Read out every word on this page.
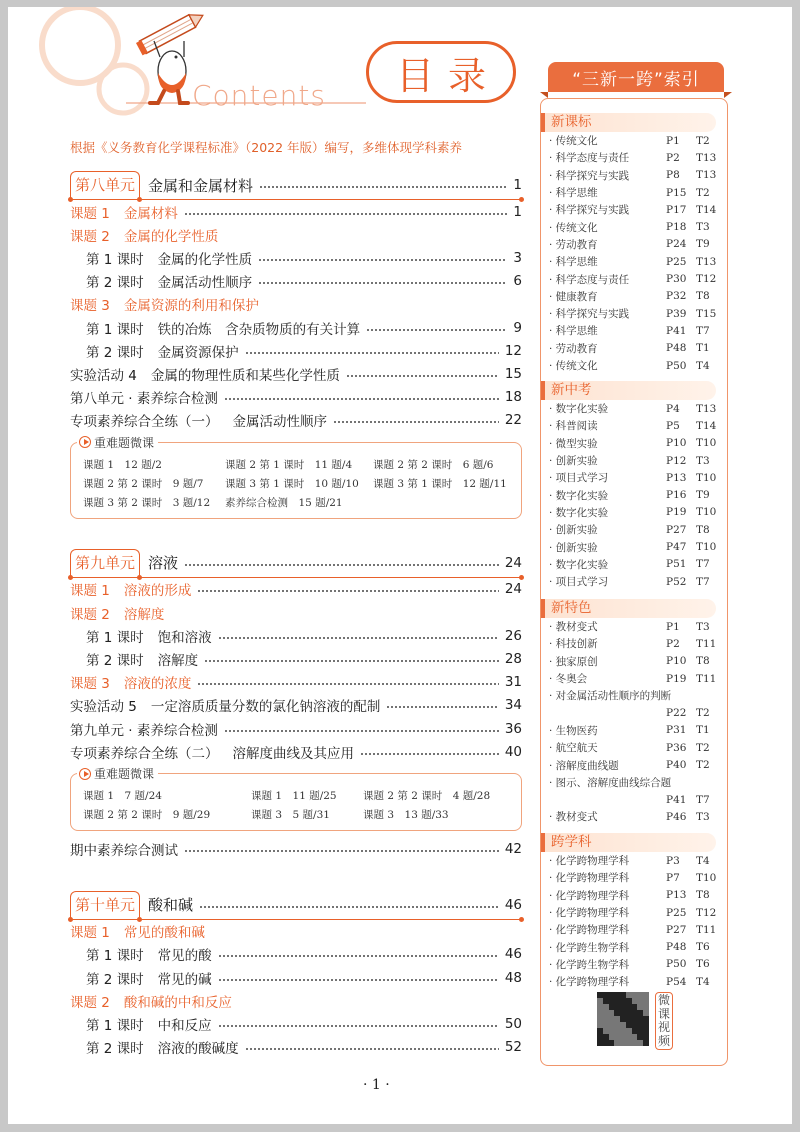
Contents	目录
根据《义务教育化学课程标准》（2022 年版）编写，多维体现学科素养
第八单元 金属和金属材料	1
课题 1 金属材料	1
课题 2 金属的化学性质
第 1 课时 金属的化学性质	3
第 2 课时 金属活动性顺序	6
课题 3 金属资源的利用和保护
第 1 课时 铁的冶炼　含杂质物质的有关计算	9
第 2 课时 金属资源保护	12
实验活动 4 金属的物理性质和某些化学性质	15
第八单元 · 素养综合检测	18
专项素养综合全练（一） 金属活动性顺序	22
重难题微课
课题 1　12 题/2	课题 2 第 1 课时　11 题/4	课题 2 第 2 课时　6 题/6
课题 2 第 2 课时　9 题/7	课题 3 第 1 课时　10 题/10	课题 3 第 1 课时　12 题/11
课题 3 第 2 课时　3 题/12	素养综合检测　15 题/21
第九单元 溶液	24
课题 1 溶液的形成	24
课题 2 溶解度
第 1 课时 饱和溶液	26
第 2 课时 溶解度	28
课题 3 溶液的浓度	31
实验活动 5 一定溶质质量分数的氯化钠溶液的配制	34
第九单元 · 素养综合检测	36
专项素养综合全练（二） 溶解度曲线及其应用	40
重难题微课
课题 1　7 题/24	课题 1　11 题/25	课题 2 第 2 课时　4 题/28
课题 2 第 2 课时　9 题/29	课题 3　5 题/31	课题 3　13 题/33
期中素养综合测试	42
第十单元 酸和碱	46
课题 1 常见的酸和碱
第 1 课时 常见的酸	46
第 2 课时 常见的碱	48
课题 2 酸和碱的中和反应
第 1 课时 中和反应	50
第 2 课时 溶液的酸碱度	52
“三新一跨”索引
新课标
· 传统文化	P1	T2
· 科学态度与责任	P2	T13
· 科学探究与实践	P8	T13
· 科学思维	P15 T2
· 科学探究与实践	P17 T14
· 传统文化	P18 T3
· 劳动教育	P24 T9
· 科学思维	P25 T13
· 科学态度与责任	P30 T12
· 健康教育	P32 T8
· 科学探究与实践	P39 T15
· 科学思维	P41 T7
· 劳动教育	P48 T1
· 传统文化	P50 T4
新中考
· 数字化实验	P4	T13
· 科普阅读	P5	T14
· 微型实验	P10 T10
· 创新实验	P12 T3
· 项目式学习	P13 T10
· 数字化实验	P16 T9
· 数字化实验	P19 T10
· 创新实验	P27 T8
· 创新实验	P47 T10
· 数字化实验	P51 T7
· 项目式学习	P52 T7
新特色
· 教材变式	P1	T3
· 科技创新	P2	T11
· 独家原创	P10 T8
· 冬奥会	P19 T11
· 对金属活动性顺序的判断
P22 T2
· 生物医药	P31 T1
· 航空航天	P36 T2
· 溶解度曲线题	P40 T2
· 图示、溶解度曲线综合题
P41 T7
· 教材变式	P46 T3
跨学科
· 化学跨物理学科	P3	T4
· 化学跨物理学科	P7	T10
· 化学跨物理学科	P13 T8
· 化学跨物理学科	P25 T12
· 化学跨物理学科	P27 T11
· 化学跨生物学科	P48 T6
· 化学跨生物学科	P50 T6
· 化学跨物理学科	P54 T4
微课视频
· 1 ·
